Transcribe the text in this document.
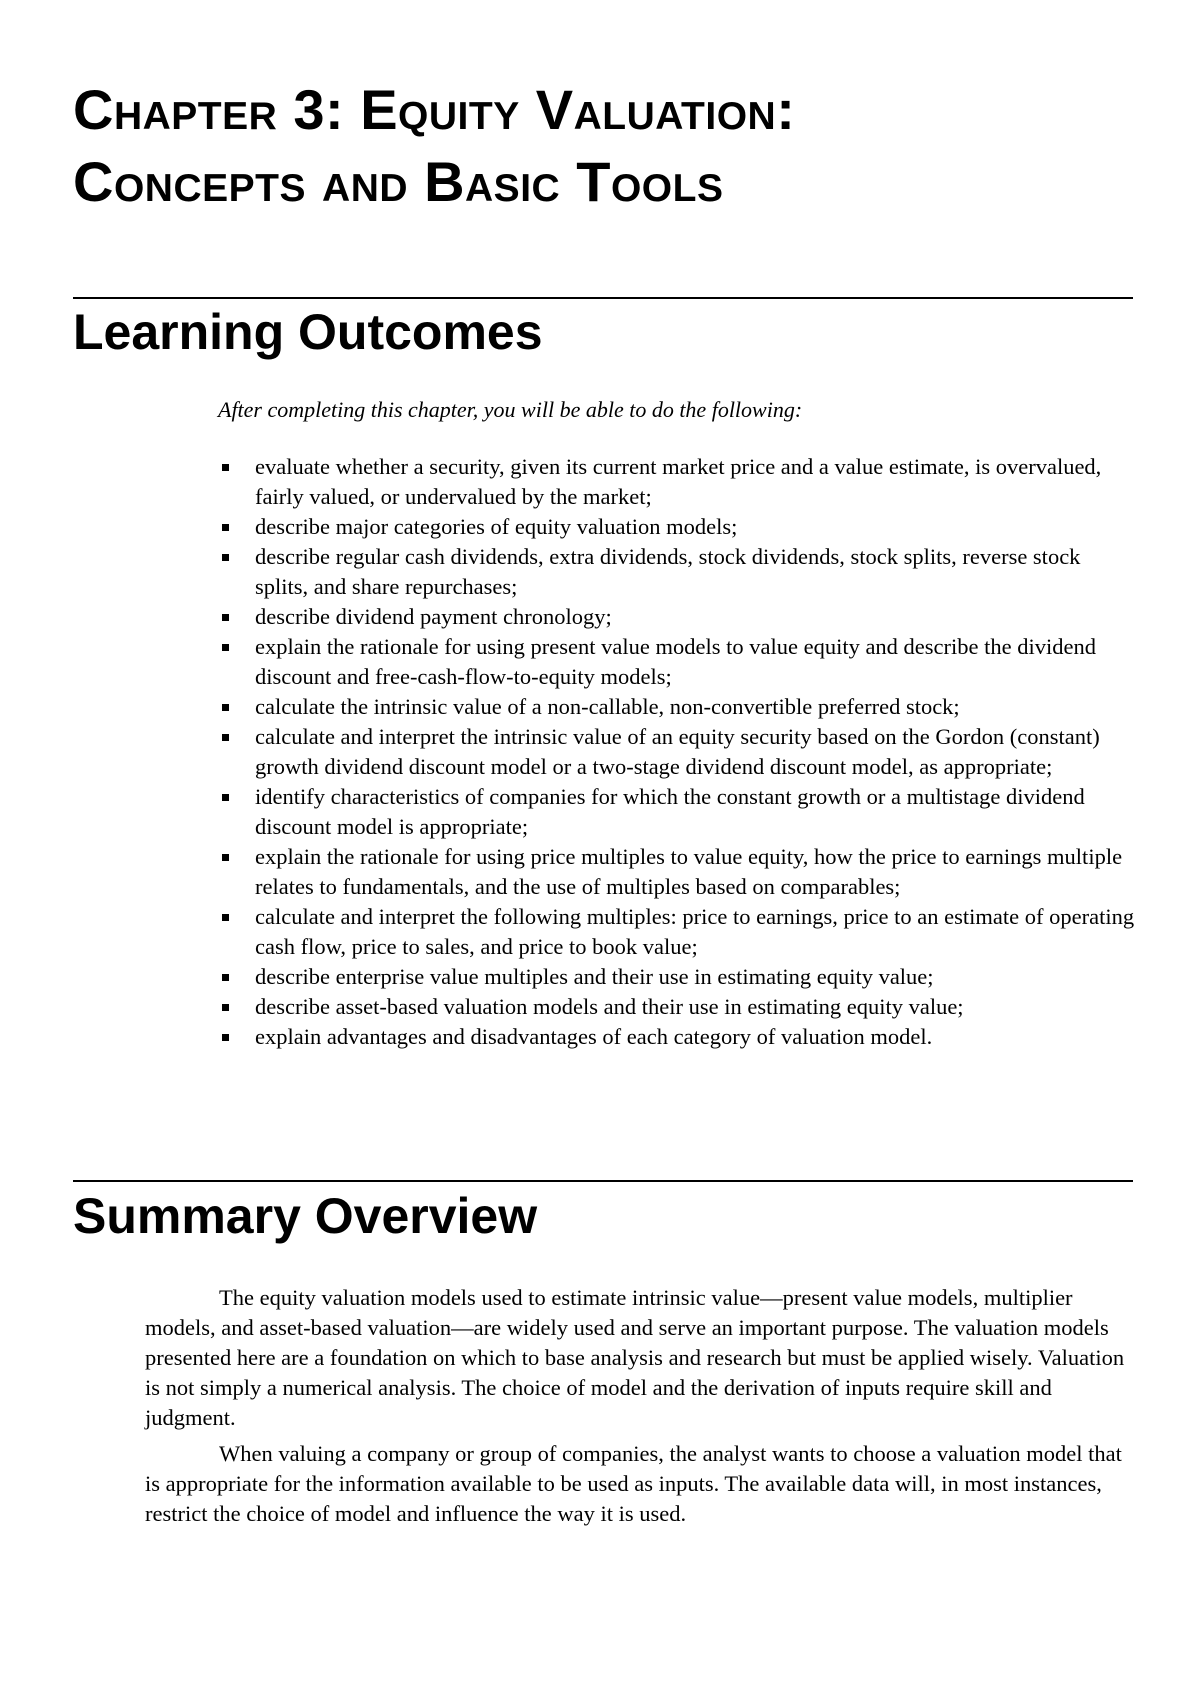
Chapter 3: Equity Valuation:
Concepts and Basic Tools
Learning Outcomes

After completing this chapter, you will be able to do the following:

evaluate whether a security, given its current market price and a value estimate, is overvalued, fairly valued, or undervalued by the market;
describe major categories of equity valuation models;
describe regular cash dividends, extra dividends, stock dividends, stock splits, reverse stock splits, and share repurchases;
describe dividend payment chronology;
explain the rationale for using present value models to value equity and describe the dividend discount and free-cash-flow-to-equity models;
calculate the intrinsic value of a non-callable, non-convertible preferred stock;
calculate and interpret the intrinsic value of an equity security based on the Gordon (constant) growth dividend discount model or a two-stage dividend discount model, as appropriate;
identify characteristics of companies for which the constant growth or a multistage dividend discount model is appropriate;
explain the rationale for using price multiples to value equity, how the price to earnings multiple relates to fundamentals, and the use of multiples based on comparables;
calculate and interpret the following multiples: price to earnings, price to an estimate of operating cash flow, price to sales, and price to book value;
describe enterprise value multiples and their use in estimating equity value;
describe asset-based valuation models and their use in estimating equity value;
explain advantages and disadvantages of each category of valuation model.
Summary Overview

The equity valuation models used to estimate intrinsic value—present value models, multiplier models, and asset-based valuation—are widely used and serve an important purpose. The valuation models presented here are a foundation on which to base analysis and research but must be applied wisely. Valuation is not simply a numerical analysis. The choice of model and the derivation of inputs require skill and judgment.

When valuing a company or group of companies, the analyst wants to choose a valuation model that is appropriate for the information available to be used as inputs. The available data will, in most instances, restrict the choice of model and influence the way it is used.
